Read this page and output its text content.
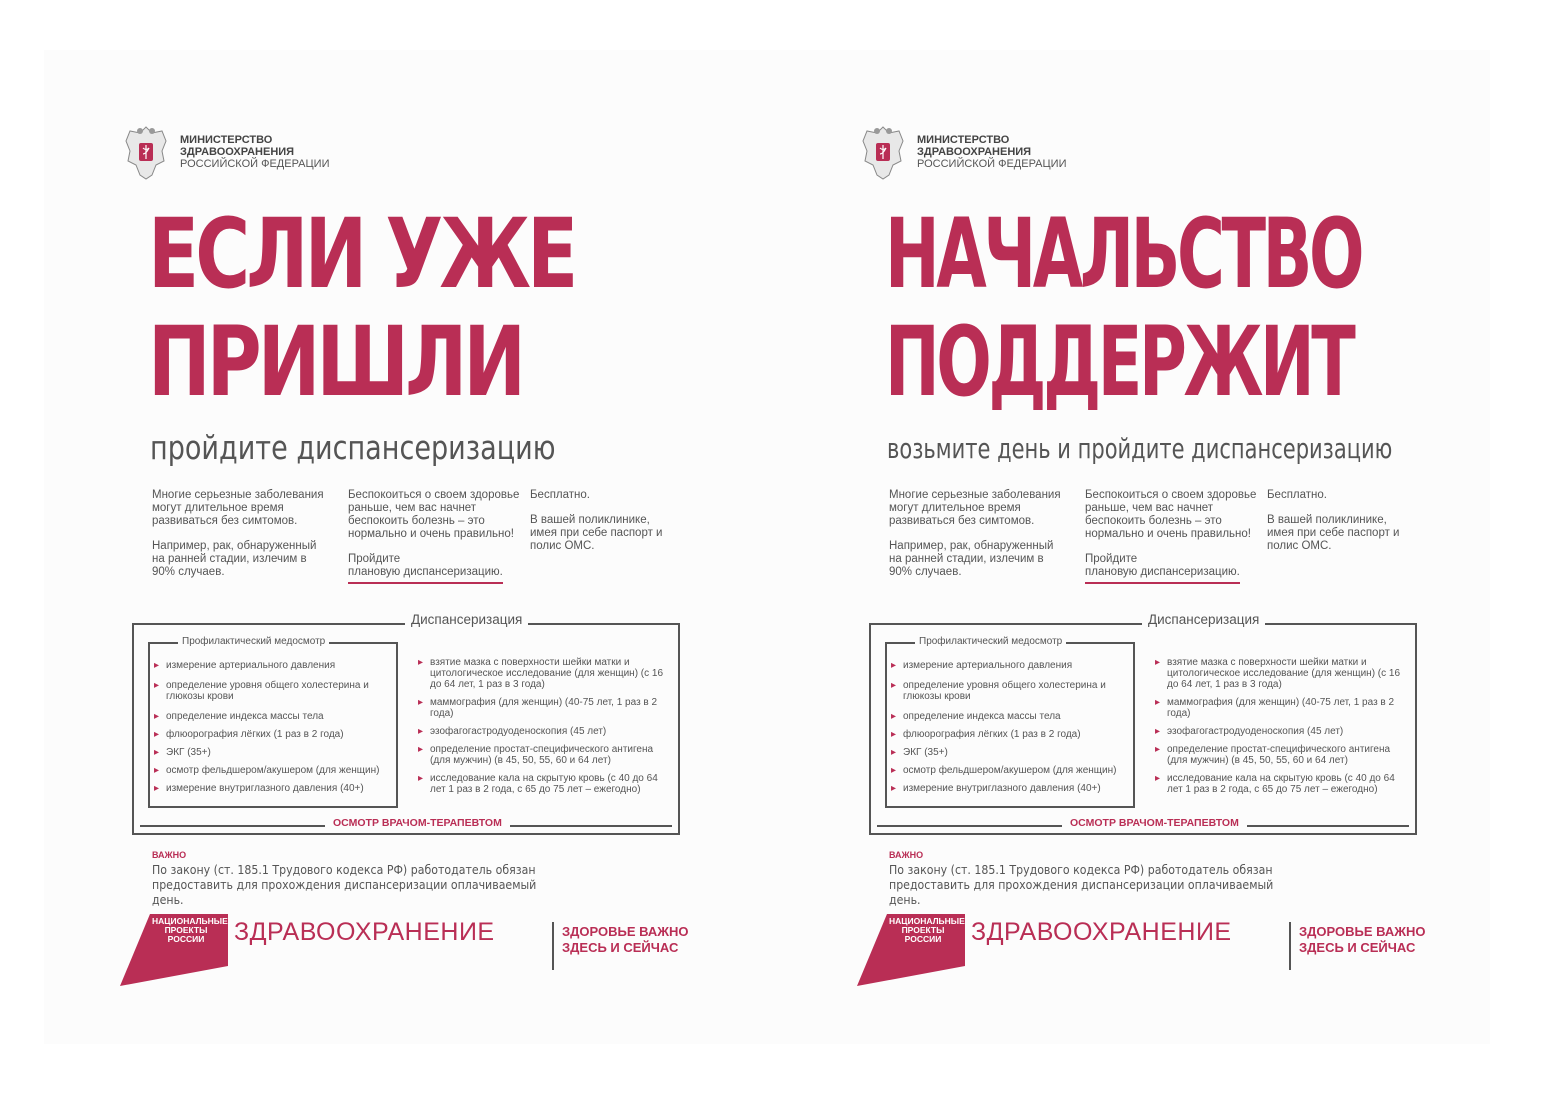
МИНИСТЕРСТВО
ЗДРАВООХРАНЕНИЯ
РОССИЙСКОЙ ФЕДЕРАЦИИ
ЕСЛИ УЖЕ
ПРИШЛИ
пройдите диспансеризацию

Многие серьезные заболевания могут длительное время развиваться без симтомов.

Например, рак, обнаруженный на ранней стадии, излечим в 90% случаев.

Беспокоиться о своем здоровье раньше, чем вас начнет беспокоить болезнь – это нормально и очень правильно!

Пройдите
плановую диспансеризацию.

Бесплатно.

В вашей поликлинике, имея при себе паспорт и полис ОМС.

Диспансеризация
Профилактический медосмотр
▸ измерение артериального давления
▸ определение уровня общего холестерина и глюкозы крови
▸ определение индекса массы тела
▸ флюорография лёгких (1 раз в 2 года)
▸ ЭКГ (35+)
▸ осмотр фельдшером/акушером (для женщин)
▸ измерение внутриглазного давления (40+)
▸ взятие мазка с поверхности шейки матки и цитологическое исследование (для женщин) (с 16 до 64 лет, 1 раз в 3 года)
▸ маммография (для женщин) (40-75 лет, 1 раз в 2 года)
▸ эзофагогастродуоденоскопия (45 лет)
▸ определение простат-специфического антигена (для мужчин) (в 45, 50, 55, 60 и 64 лет)
▸ исследование кала на скрытую кровь (с 40 до 64 лет 1 раз в 2 года, с 65 до 75 лет – ежегодно)
ОСМОТР ВРАЧОМ-ТЕРАПЕВТОМ
ВАЖНО
По закону (ст. 185.1 Трудового кодекса РФ) работодатель обязан предоставить для прохождения диспансеризации оплачиваемый день.
НАЦИОНАЛЬНЫЕ ПРОЕКТЫ РОССИИ	ЗДРАВООХРАНЕНИЕ	ЗДОРОВЬЕ ВАЖНО
ЗДЕСЬ И СЕЙЧАС
МИНИСТЕРСТВО
ЗДРАВООХРАНЕНИЯ
РОССИЙСКОЙ ФЕДЕРАЦИИ
НАЧАЛЬСТВО
ПОДДЕРЖИТ
возьмите день и пройдите диспансеризацию

Многие серьезные заболевания могут длительное время развиваться без симтомов.

Например, рак, обнаруженный на ранней стадии, излечим в 90% случаев.

Беспокоиться о своем здоровье раньше, чем вас начнет беспокоить болезнь – это нормально и очень правильно!

Пройдите
плановую диспансеризацию.

Бесплатно.

В вашей поликлинике, имея при себе паспорт и полис ОМС.

Диспансеризация
Профилактический медосмотр
▸ измерение артериального давления
▸ определение уровня общего холестерина и глюкозы крови
▸ определение индекса массы тела
▸ флюорография лёгких (1 раз в 2 года)
▸ ЭКГ (35+)
▸ осмотр фельдшером/акушером (для женщин)
▸ измерение внутриглазного давления (40+)
▸ взятие мазка с поверхности шейки матки и цитологическое исследование (для женщин) (с 16 до 64 лет, 1 раз в 3 года)
▸ маммография (для женщин) (40-75 лет, 1 раз в 2 года)
▸ эзофагогастродуоденоскопия (45 лет)
▸ определение простат-специфического антигена (для мужчин) (в 45, 50, 55, 60 и 64 лет)
▸ исследование кала на скрытую кровь (с 40 до 64 лет 1 раз в 2 года, с 65 до 75 лет – ежегодно)
ОСМОТР ВРАЧОМ-ТЕРАПЕВТОМ
ВАЖНО
По закону (ст. 185.1 Трудового кодекса РФ) работодатель обязан предоставить для прохождения диспансеризации оплачиваемый день.
НАЦИОНАЛЬНЫЕ ПРОЕКТЫ РОССИИ	ЗДРАВООХРАНЕНИЕ	ЗДОРОВЬЕ ВАЖНО
ЗДЕСЬ И СЕЙЧАС
